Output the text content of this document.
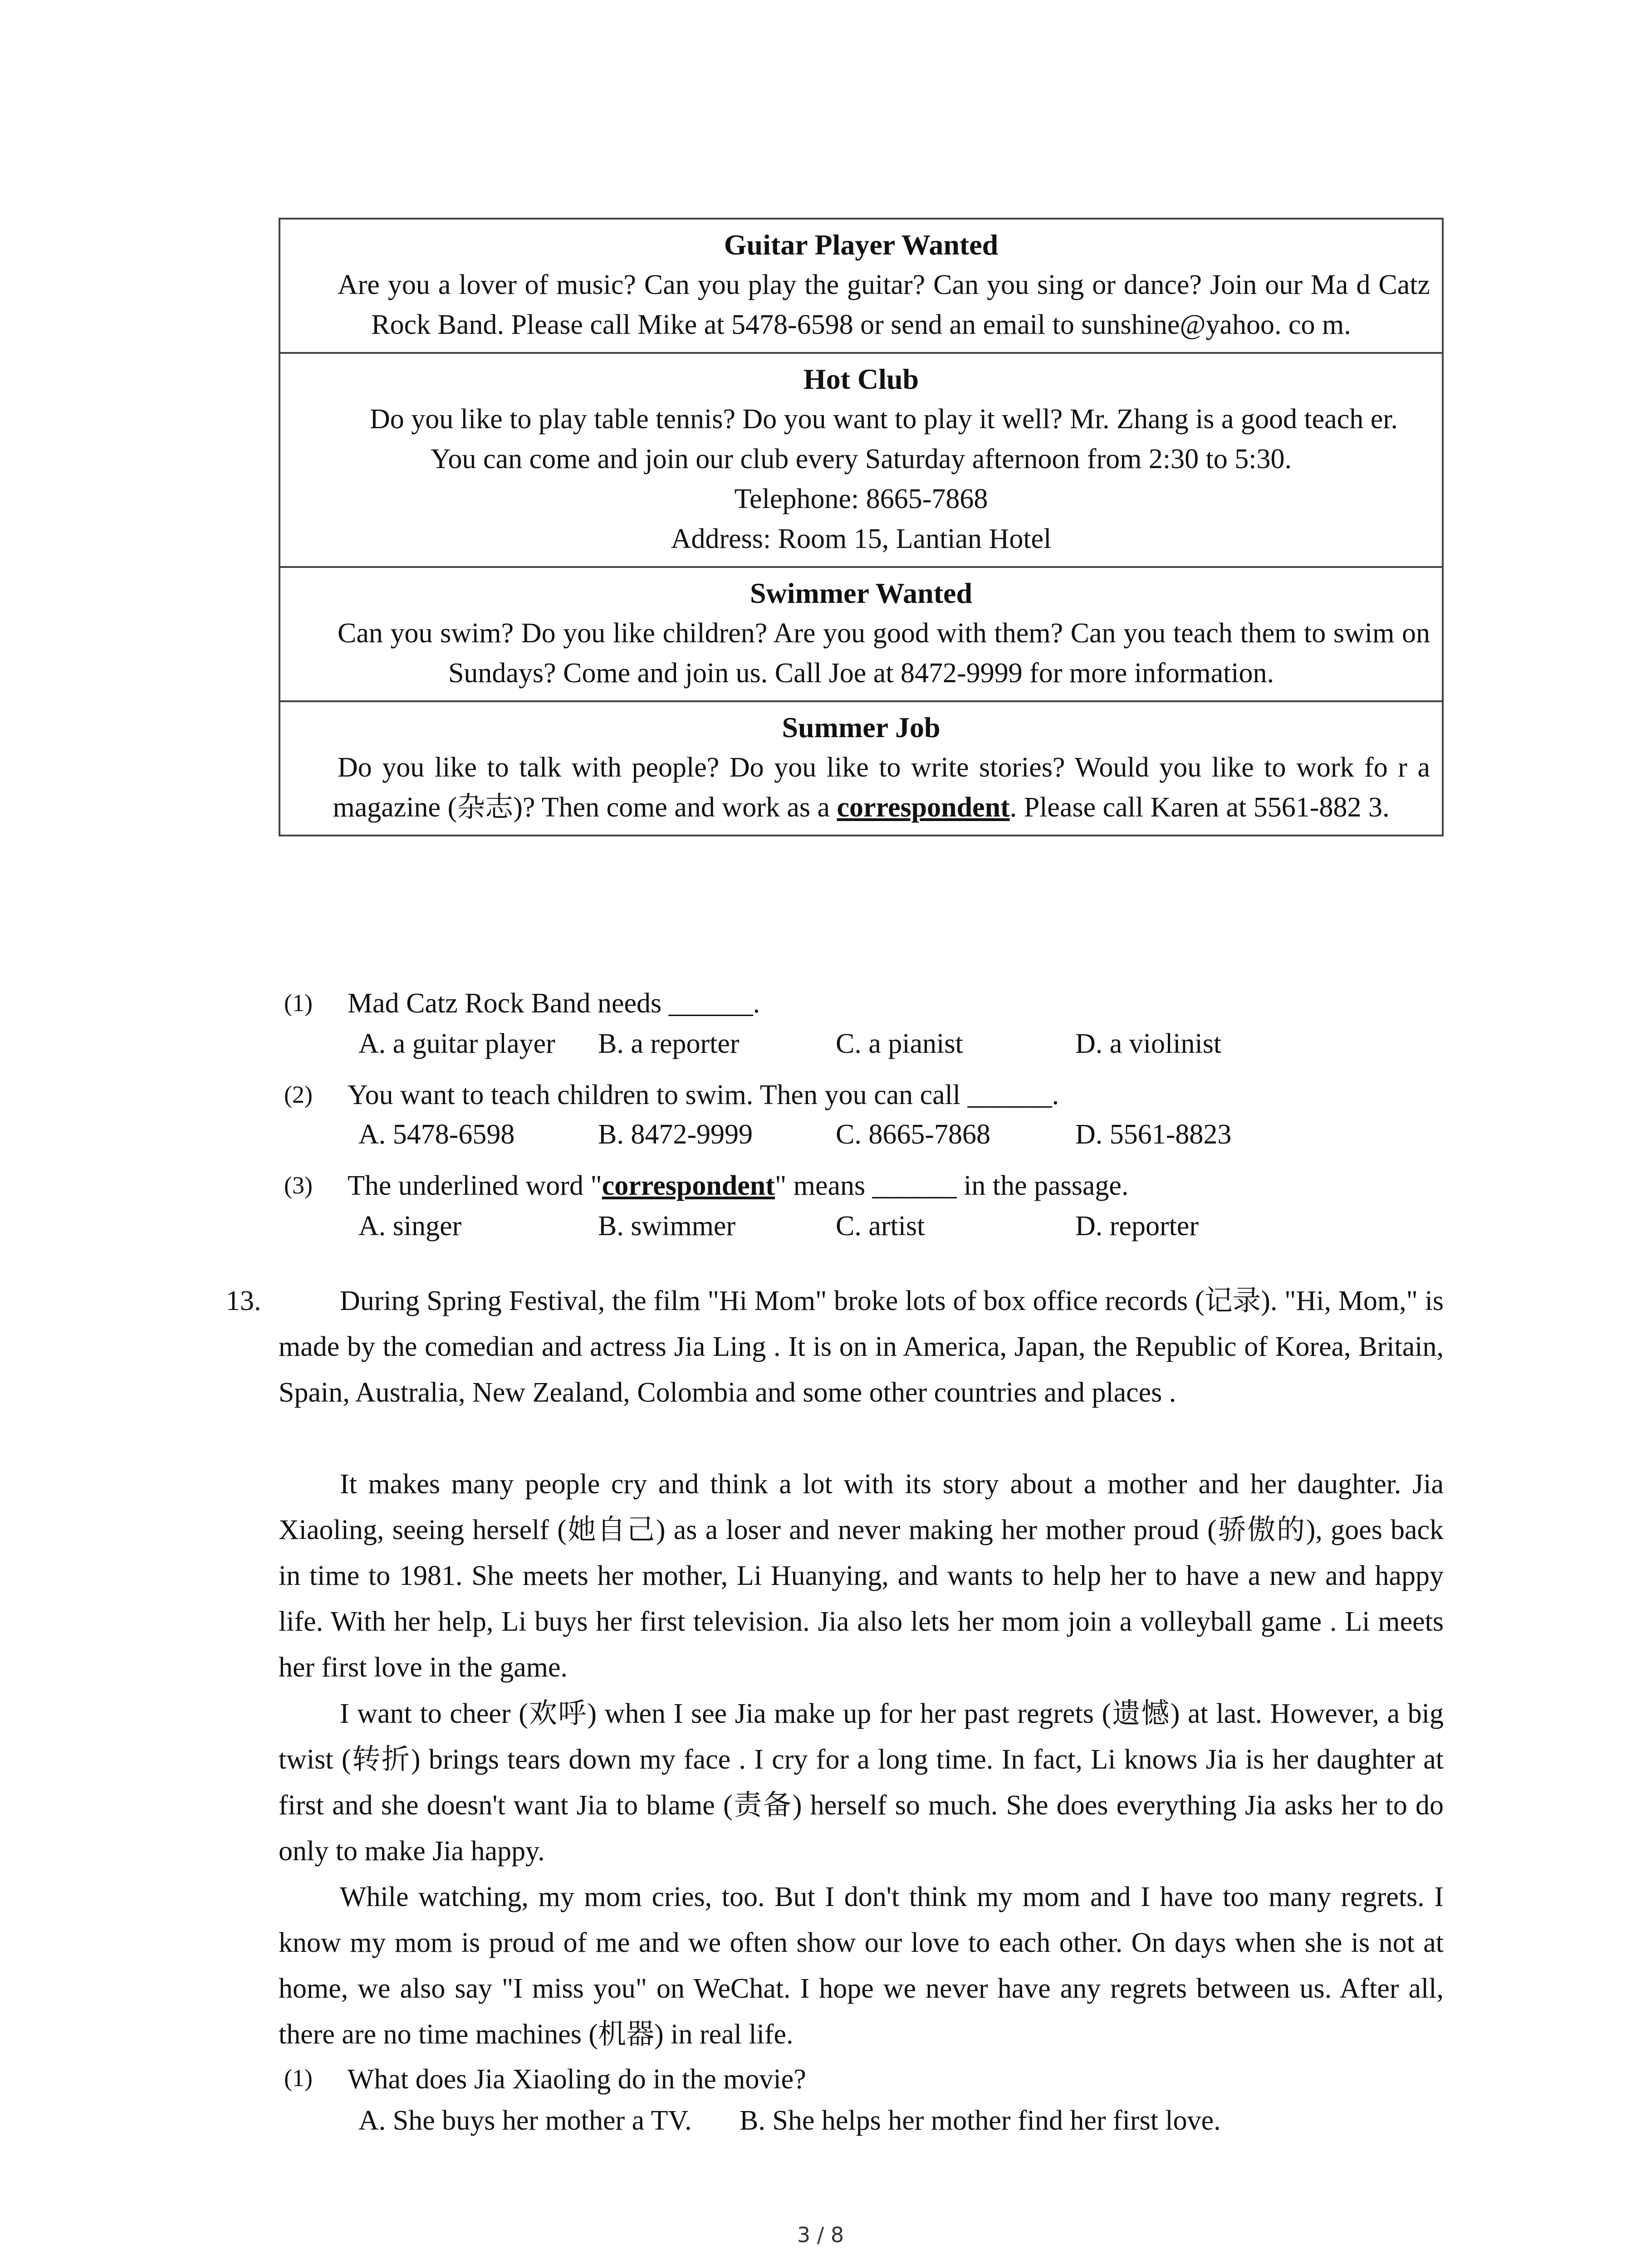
Guitar Player Wanted

Are you a lover of music? Can you play the guitar? Can you sing or dance? Join our Ma d Catz Rock Band. Please call Mike at 5478-6598 or send an email to sunshine@yahoo. co m.

Hot Club

Do you like to play table tennis? Do you want to play it well? Mr. Zhang is a good teach er.

You can come and join our club every Saturday afternoon from 2:30 to 5:30.

Telephone: 8665-7868

Address: Room 15, Lantian Hotel

Swimmer Wanted

Can you swim? Do you like children? Are you good with them? Can you teach them to swim on Sundays? Come and join us. Call Joe at 8472-9999 for more information.

Summer Job

Do you like to talk with people? Do you like to write stories? Would you like to work fo r a magazine (杂志)? Then come and work as a correspondent. Please call Karen at 5561-882 3.

(1) Mad Catz Rock Band needs ______.
A. a guitar player B. a reporter	C. a pianist	D. a violinist
(2) You want to teach children to swim. Then you can call ______.
A. 5478-6598	B. 8472-9999	C. 8665-7868	D. 5561-8823
(3) The underlined word "correspondent" means ______ in the passage.
A. singer	B. swimmer	C. artist	D. reporter
13.	During Spring Festival, the film "Hi Mom" broke lots of box office records (记录). "Hi, Mom," is made by the comedian and actress Jia Ling . It is on in America, Japan, the Republic of Korea, Britain, Spain, Australia, New Zealand, Colombia and some other countries and places .
It makes many people cry and think a lot with its story about a mother and her daughter. Jia Xiaoling, seeing herself (她自己) as a loser and never making her mother proud (骄傲的), goes back in time to 1981. She meets her mother, Li Huanying, and wants to help her to have a new and happy life. With her help, Li buys her first television. Jia also lets her mom join a volleyball game . Li meets her first love in the game.
I want to cheer (欢呼) when I see Jia make up for her past regrets (遗憾) at last. However, a big twist (转折) brings tears down my face . I cry for a long time. In fact, Li knows Jia is her daughter at first and she doesn't want Jia to blame (责备) herself so much. She does everything Jia asks her to do only to make Jia happy.
While watching, my mom cries, too. But I don't think my mom and I have too many regrets. I know my mom is proud of me and we often show our love to each other. On days when she is not at home, we also say "I miss you" on WeChat. I hope we never have any regrets between us. After all, there are no time machines (机器) in real life.
(1) What does Jia Xiaoling do in the movie?
A. She buys her mother a TV. B. She helps her mother find her first love.
3 / 8
